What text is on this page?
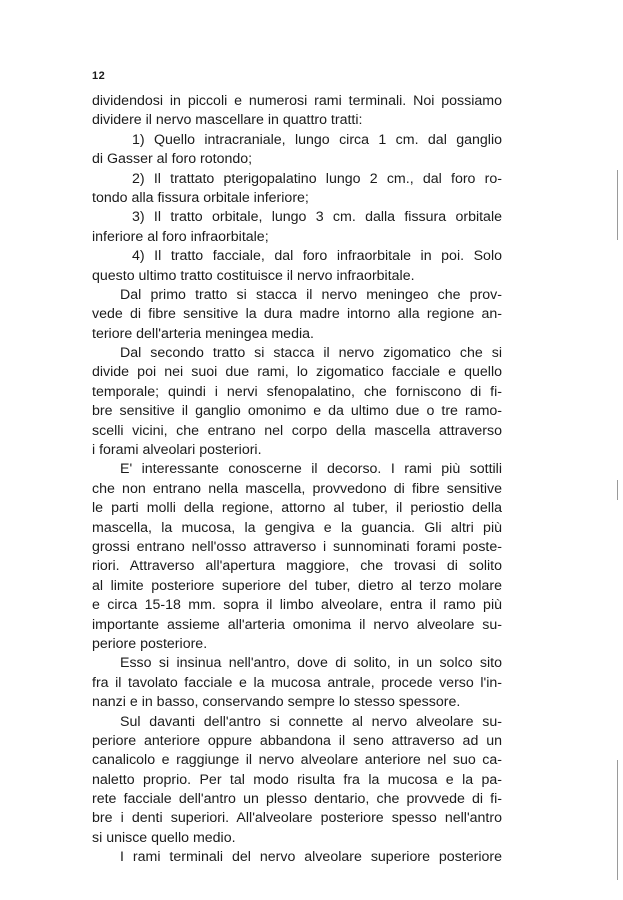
12
dividendosi in piccoli e numerosi rami terminali. Noi possiamo
dividere il nervo mascellare in quattro tratti:
1) Quello intracraniale, lungo circa 1 cm. dal ganglio
di Gasser al foro rotondo;
2) Il trattato pterigopalatino lungo 2 cm., dal foro ro-
tondo alla fissura orbitale inferiore;
3) Il tratto orbitale, lungo 3 cm. dalla fissura orbitale
inferiore al foro infraorbitale;
4) Il tratto facciale, dal foro infraorbitale in poi. Solo
questo ultimo tratto costituisce il nervo infraorbitale.
Dal primo tratto si stacca il nervo meningeo che prov-
vede di fibre sensitive la dura madre intorno alla regione an-
teriore dell'arteria meningea media.
Dal secondo tratto si stacca il nervo zigomatico che si
divide poi nei suoi due rami, lo zigomatico facciale e quello
temporale; quindi i nervi sfenopalatino, che forniscono di fi-
bre sensitive il ganglio omonimo e da ultimo due o tre ramo-
scelli vicini, che entrano nel corpo della mascella attraverso
i forami alveolari posteriori.
E' interessante conoscerne il decorso. I rami più sottili
che non entrano nella mascella, provvedono di fibre sensitive
le parti molli della regione, attorno al tuber, il periostio della
mascella, la mucosa, la gengiva e la guancia. Gli altri più
grossi entrano nell'osso attraverso i sunnominati forami poste-
riori. Attraverso all'apertura maggiore, che trovasi di solito
al limite posteriore superiore del tuber, dietro al terzo molare
e circa 15-18 mm. sopra il limbo alveolare, entra il ramo più
importante assieme all'arteria omonima il nervo alveolare su-
periore posteriore.
Esso si insinua nell'antro, dove di solito, in un solco sito
fra il tavolato facciale e la mucosa antrale, procede verso l'in-
nanzi e in basso, conservando sempre lo stesso spessore.
Sul davanti dell'antro si connette al nervo alveolare su-
periore anteriore oppure abbandona il seno attraverso ad un
canalicolo e raggiunge il nervo alveolare anteriore nel suo ca-
naletto proprio. Per tal modo risulta fra la mucosa e la pa-
rete facciale dell'antro un plesso dentario, che provvede di fi-
bre i denti superiori. All'alveolare posteriore spesso nell'antro
si unisce quello medio.
I rami terminali del nervo alveolare superiore posteriore
